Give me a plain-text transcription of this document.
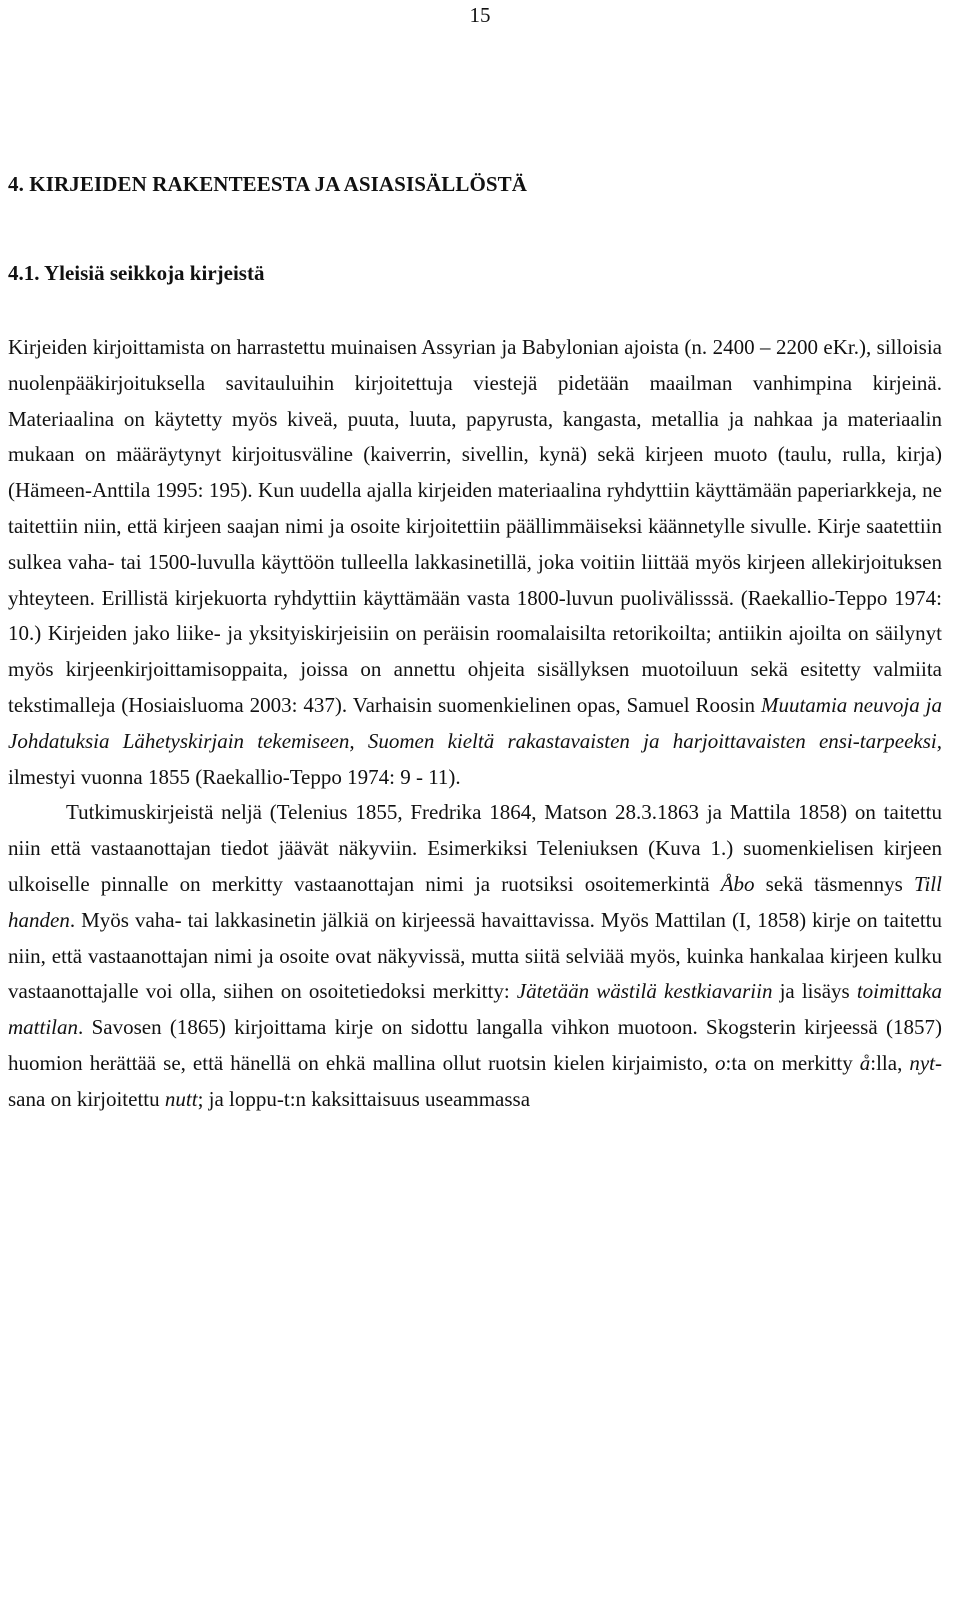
15
4. KIRJEIDEN RAKENTEESTA JA ASIASISÄLLÖSTÄ
4.1. Yleisiä seikkoja kirjeistä

Kirjeiden kirjoittamista on harrastettu muinaisen Assyrian ja Babylonian ajoista (n. 2400 – 2200 eKr.), silloisia nuolenpääkirjoituksella savitauluihin kirjoitettuja viestejä pidetään maailman vanhimpina kirjeinä. Materiaalina on käytetty myös kiveä, puuta, luuta, papyrusta, kangasta, metallia ja nahkaa ja materiaalin mukaan on määräytynyt kirjoitusväline (kaiverrin, sivellin, kynä) sekä kirjeen muoto (taulu, rulla, kirja) (Hämeen-Anttila 1995: 195). Kun uudella ajalla kirjeiden materiaalina ryhdyttiin käyttämään paperiarkkeja, ne taitettiin niin, että kirjeen saajan nimi ja osoite kirjoitettiin päällimmäiseksi käännetylle sivulle. Kirje saatettiin sulkea vaha- tai 1500-luvulla käyttöön tulleella lakkasinetillä, joka voitiin liittää myös kirjeen allekirjoituksen yhteyteen. Erillistä kirjekuorta ryhdyttiin käyttämään vasta 1800-luvun puolivälisssä. (Raekallio-Teppo 1974: 10.) Kirjeiden jako liike- ja yksityiskirjeisiin on peräisin roomalaisilta retorikoilta; antiikin ajoilta on säilynyt myös kirjeenkirjoittamisoppaita, joissa on annettu ohjeita sisällyksen muotoiluun sekä esitetty valmiita tekstimalleja (Hosiaisluoma 2003: 437). Varhaisin suomenkielinen opas, Samuel Roosin Muutamia neuvoja ja Johdatuksia Lähetyskirjain tekemiseen, Suomen kieltä rakastavaisten ja harjoittavaisten ensi-tarpeeksi, ilmestyi vuonna 1855 (Raekallio-Teppo 1974: 9 - 11).

Tutkimuskirjeistä neljä (Telenius 1855, Fredrika 1864, Matson 28.3.1863 ja Mattila 1858) on taitettu niin että vastaanottajan tiedot jäävät näkyviin. Esimerkiksi Teleniuksen (Kuva 1.) suomenkielisen kirjeen ulkoiselle pinnalle on merkitty vastaanottajan nimi ja ruotsiksi osoitemerkintä Åbo sekä täsmennys Till handen. Myös vaha- tai lakkasinetin jälkiä on kirjeessä havaittavissa. Myös Mattilan (I, 1858) kirje on taitettu niin, että vastaanottajan nimi ja osoite ovat näkyvissä, mutta siitä selviää myös, kuinka hankalaa kirjeen kulku vastaanottajalle voi olla, siihen on osoitetiedoksi merkitty: Jätetään wästilä kestkiavariin ja lisäys toimittaka mattilan. Savosen (1865) kirjoittama kirje on sidottu langalla vihkon muotoon. Skogsterin kirjeessä (1857) huomion herättää se, että hänellä on ehkä mallina ollut ruotsin kielen kirjaimisto, o:ta on merkitty å:lla, nyt-sana on kirjoitettu nutt; ja loppu-t:n kaksittaisuus useammassa
